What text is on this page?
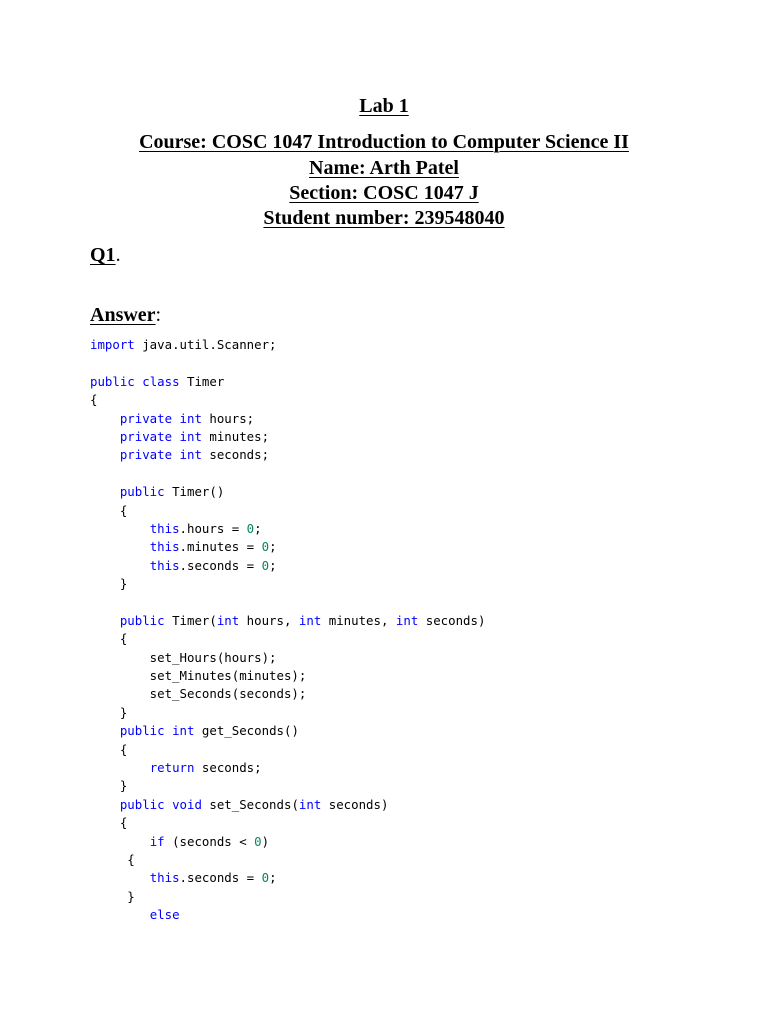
Lab 1

Course: COSC 1047 Introduction to Computer Science II

Name: Arth Patel

Section: COSC 1047 J

Student number: 239548040

Q1.

Answer:

import java.util.Scanner;

public class Timer
{
private int hours;
private int minutes;
private int seconds;

public Timer()
{
this.hours = 0;
this.minutes = 0;
this.seconds = 0;
}

public Timer(int hours, int minutes, int seconds)
{
set_Hours(hours);
set_Minutes(minutes);
set_Seconds(seconds);
}
public int get_Seconds()
{
return seconds;
}
public void set_Seconds(int seconds)
{
if (seconds < 0)
{
this.seconds = 0;
}
else
